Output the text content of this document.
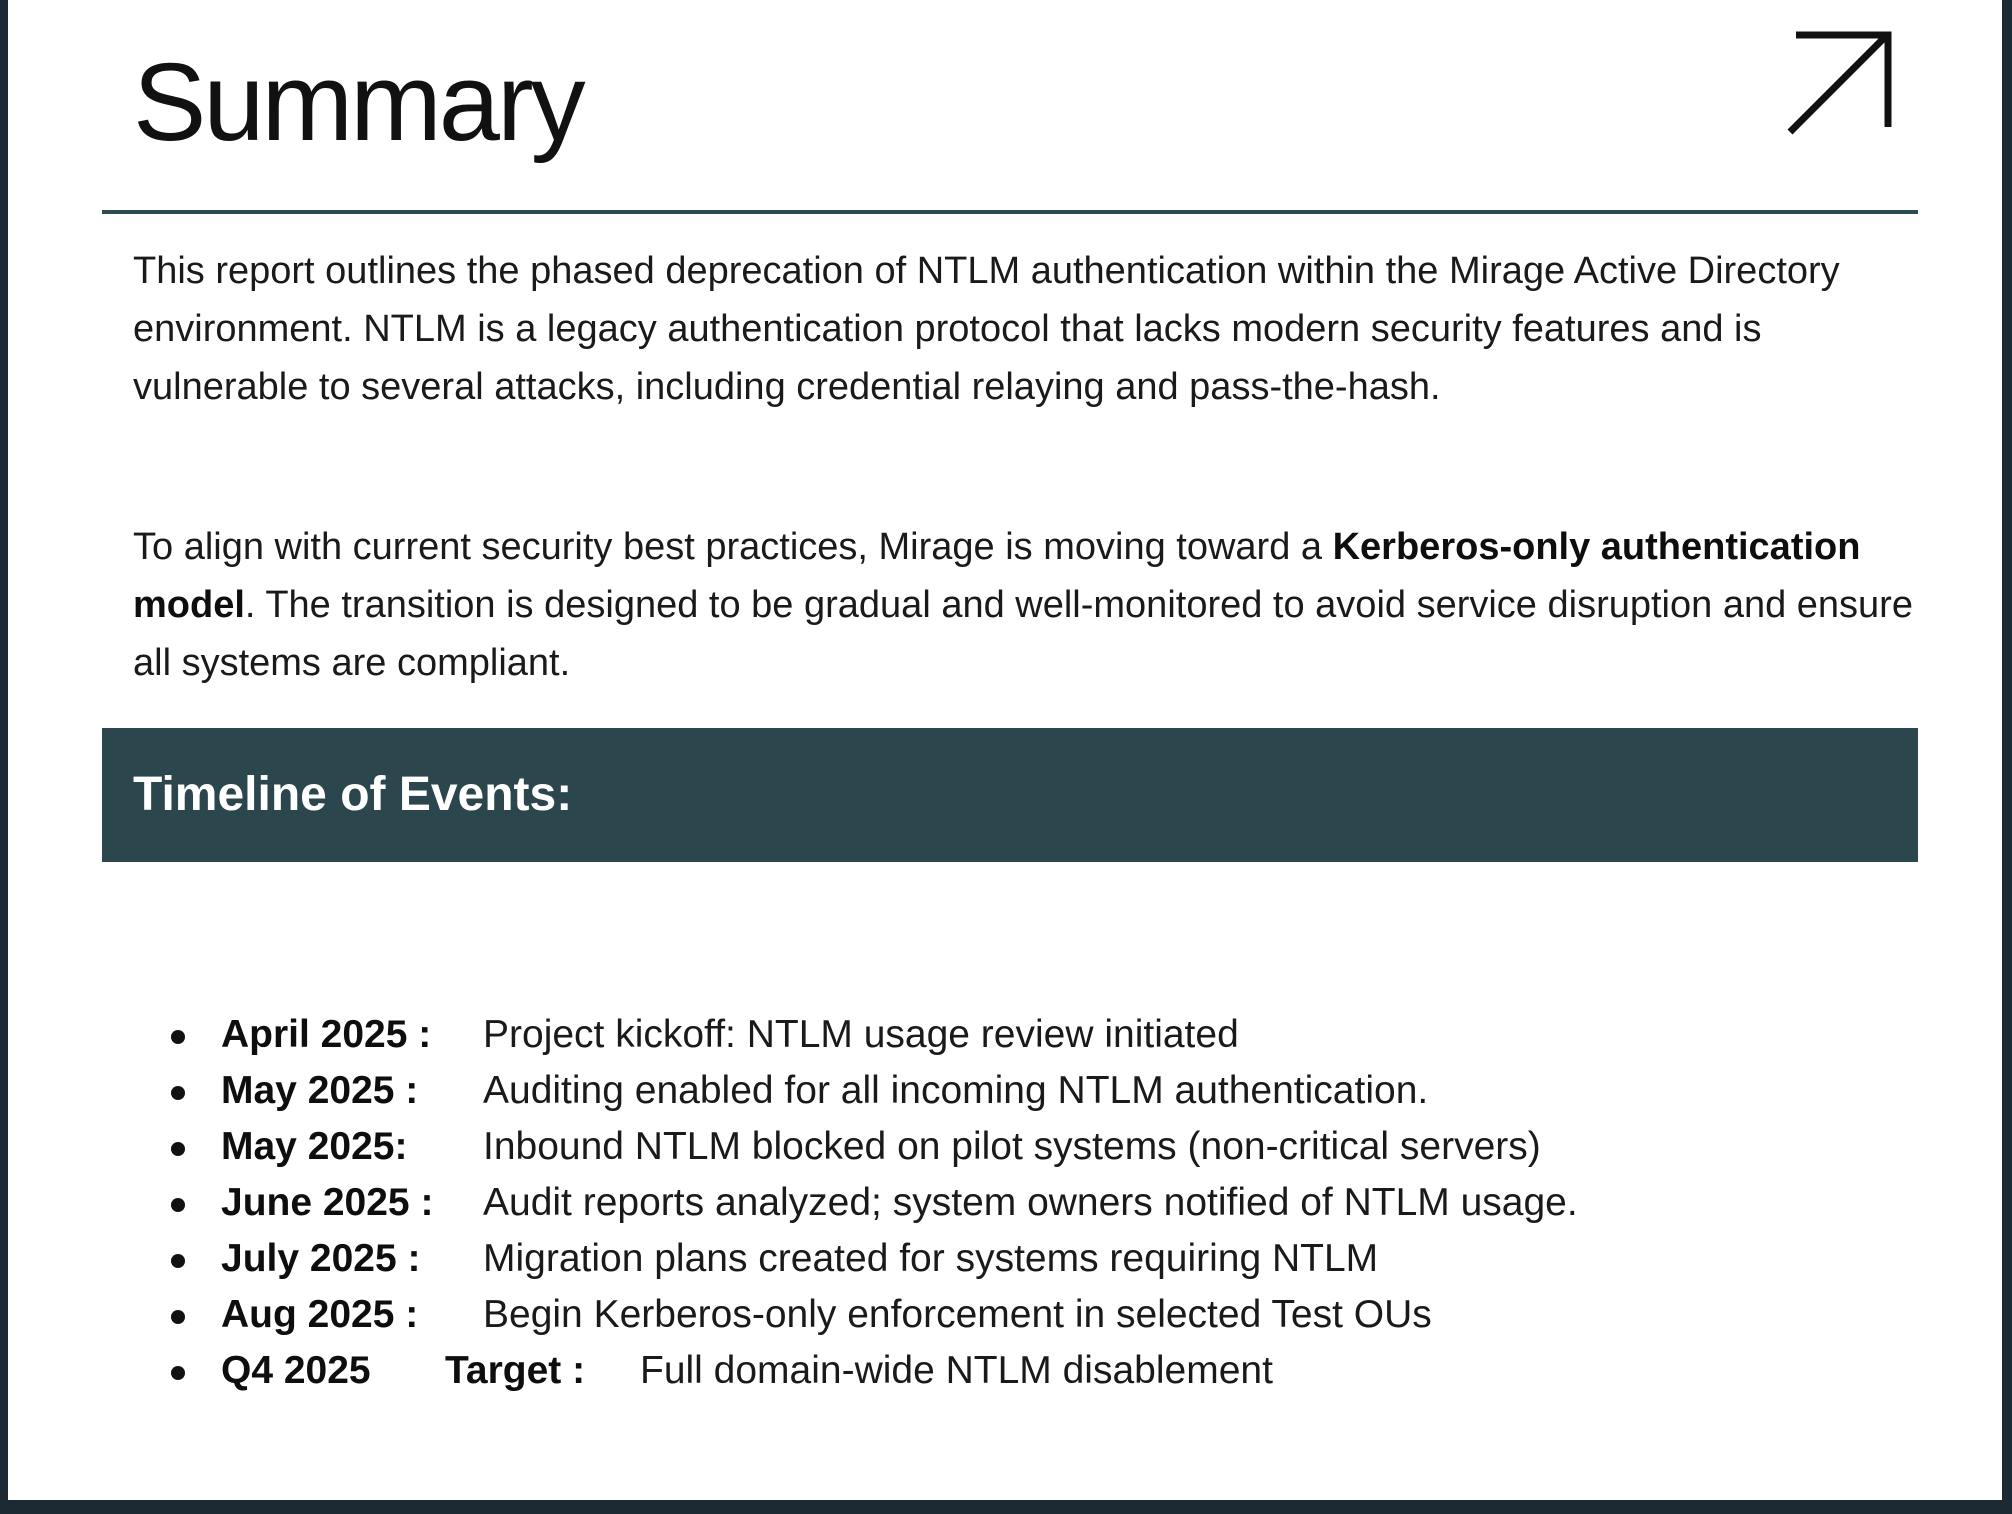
Summary

This report outlines the phased deprecation of NTLM authentication within the Mirage Active Directory environment. NTLM is a legacy authentication protocol that lacks modern security features and is vulnerable to several attacks, including credential relaying and pass-the-hash.

To align with current security best practices, Mirage is moving toward a Kerberos-only authentication model. The transition is designed to be gradual and well-monitored to avoid service disruption and ensure all systems are compliant.

Timeline of Events:
April 2025 : Project kickoff: NTLM usage review initiated
May 2025 : Auditing enabled for all incoming NTLM authentication.
May 2025: Inbound NTLM blocked on pilot systems (non-critical servers)
June 2025 : Audit reports analyzed; system owners notified of NTLM usage.
July 2025 : Migration plans created for systems requiring NTLM
Aug 2025 : Begin Kerberos-only enforcement in selected Test OUs
Q4 2025 Target : Full domain-wide NTLM disablement
